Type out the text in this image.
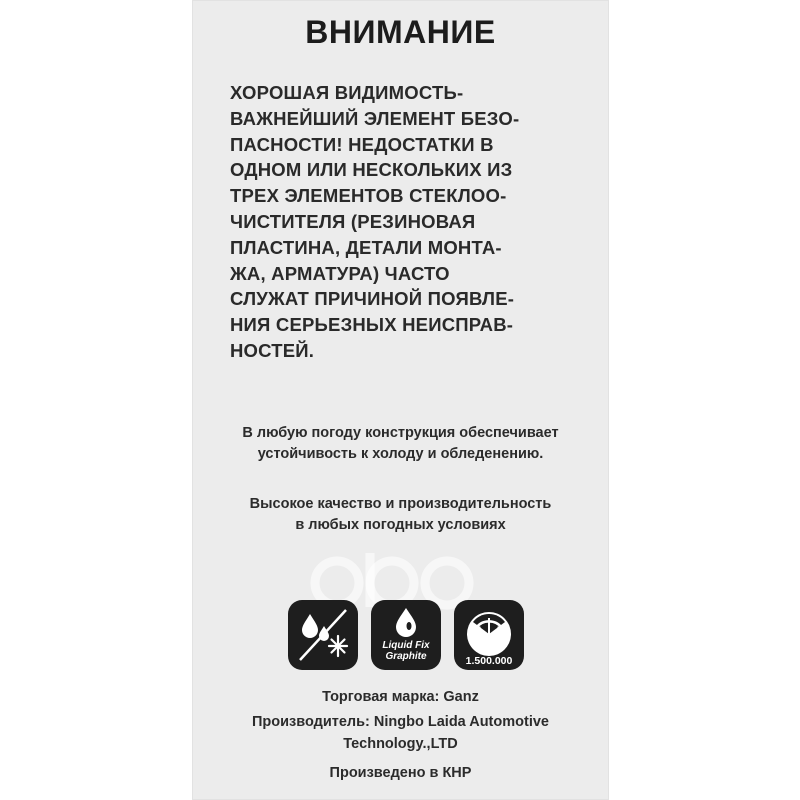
ВНИМАНИЕ
ХОРОШАЯ ВИДИМОСТЬ-
ВАЖНЕЙШИЙ ЭЛЕМЕНТ БЕЗО-
ПАСНОСТИ! НЕДОСТАТКИ В
ОДНОМ ИЛИ НЕСКОЛЬКИХ ИЗ
ТРЕХ ЭЛЕМЕНТОВ СТЕКЛОО-
ЧИСТИТЕЛЯ (РЕЗИНОВАЯ
ПЛАСТИНА, ДЕТАЛИ МОНТА-
ЖА, АРМАТУРА) ЧАСТО
СЛУЖАТ ПРИЧИНОЙ ПОЯВЛЕ-
НИЯ СЕРЬЕЗНЫХ НЕИСПРАВ-
НОСТЕЙ.
В любую погоду конструкция обеспечивает
устойчивость к холоду и обледенению.
Высокое качество и производительность
в любых погодных условиях
Liquid Fix
Graphite	1.500.000
Торговая марка: Ganz
Производитель: Ningbo Laida Automotive
Technology.,LTD
Произведено в КНР
